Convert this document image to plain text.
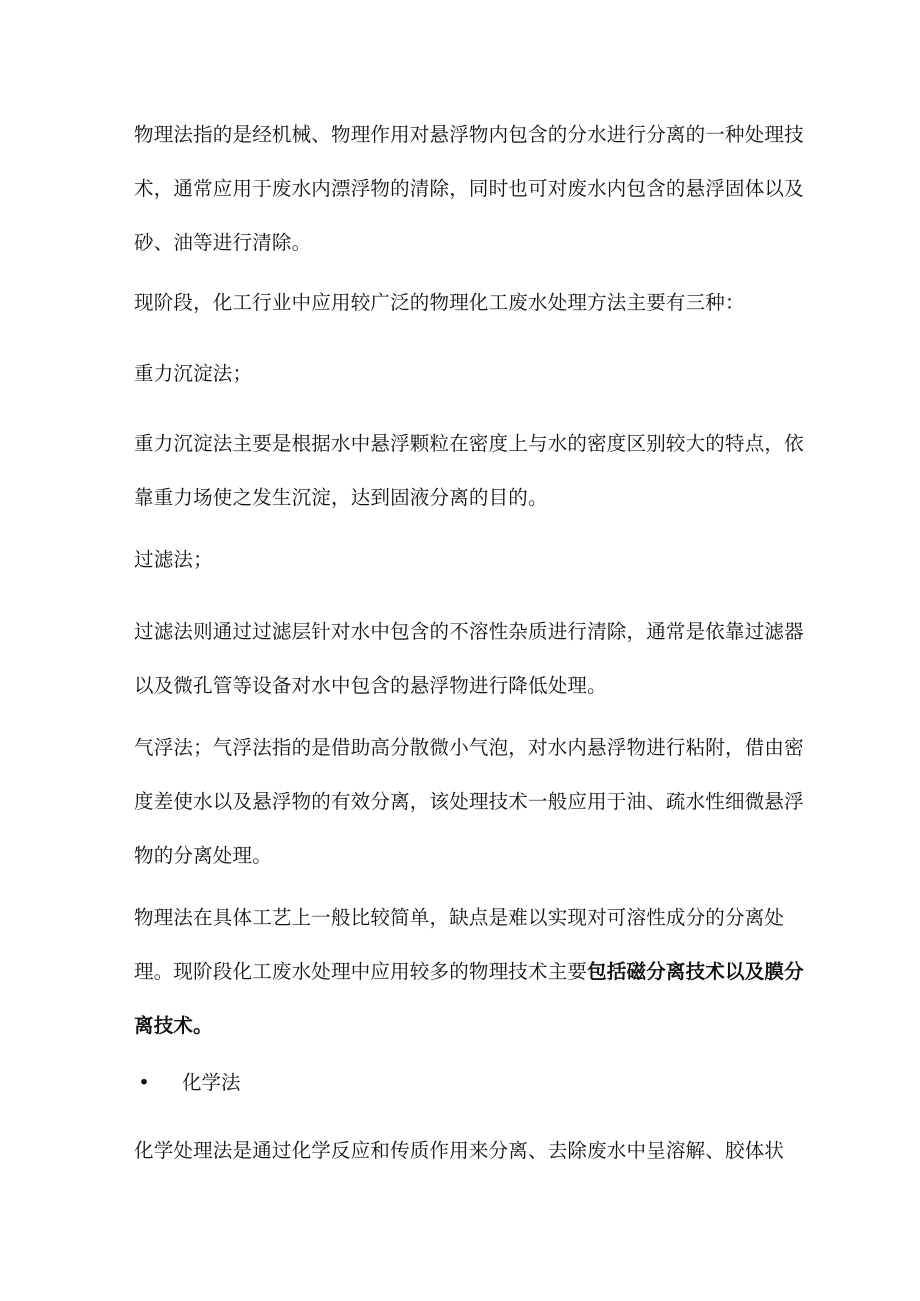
物理法指的是经机械、物理作用对悬浮物内包含的分水进行分离的一种处理技术，通常应用于废水内漂浮物的清除，同时也可对废水内包含的悬浮固体以及砂、油等进行清除。

现阶段，化工行业中应用较广泛的物理化工废水处理方法主要有三种：

重力沉淀法；

重力沉淀法主要是根据水中悬浮颗粒在密度上与水的密度区别较大的特点，依靠重力场使之发生沉淀，达到固液分离的目的。

过滤法；

过滤法则通过过滤层针对水中包含的不溶性杂质进行清除，通常是依靠过滤器以及微孔管等设备对水中包含的悬浮物进行降低处理。

气浮法；气浮法指的是借助高分散微小气泡，对水内悬浮物进行粘附，借由密度差使水以及悬浮物的有效分离，该处理技术一般应用于油、疏水性细微悬浮物的分离处理。

物理法在具体工艺上一般比较简单，缺点是难以实现对可溶性成分的分离处理。现阶段化工废水处理中应用较多的物理技术主要包括磁分离技术以及膜分离技术。

• 化学法

化学处理法是通过化学反应和传质作用来分离、去除废水中呈溶解、胶体状
